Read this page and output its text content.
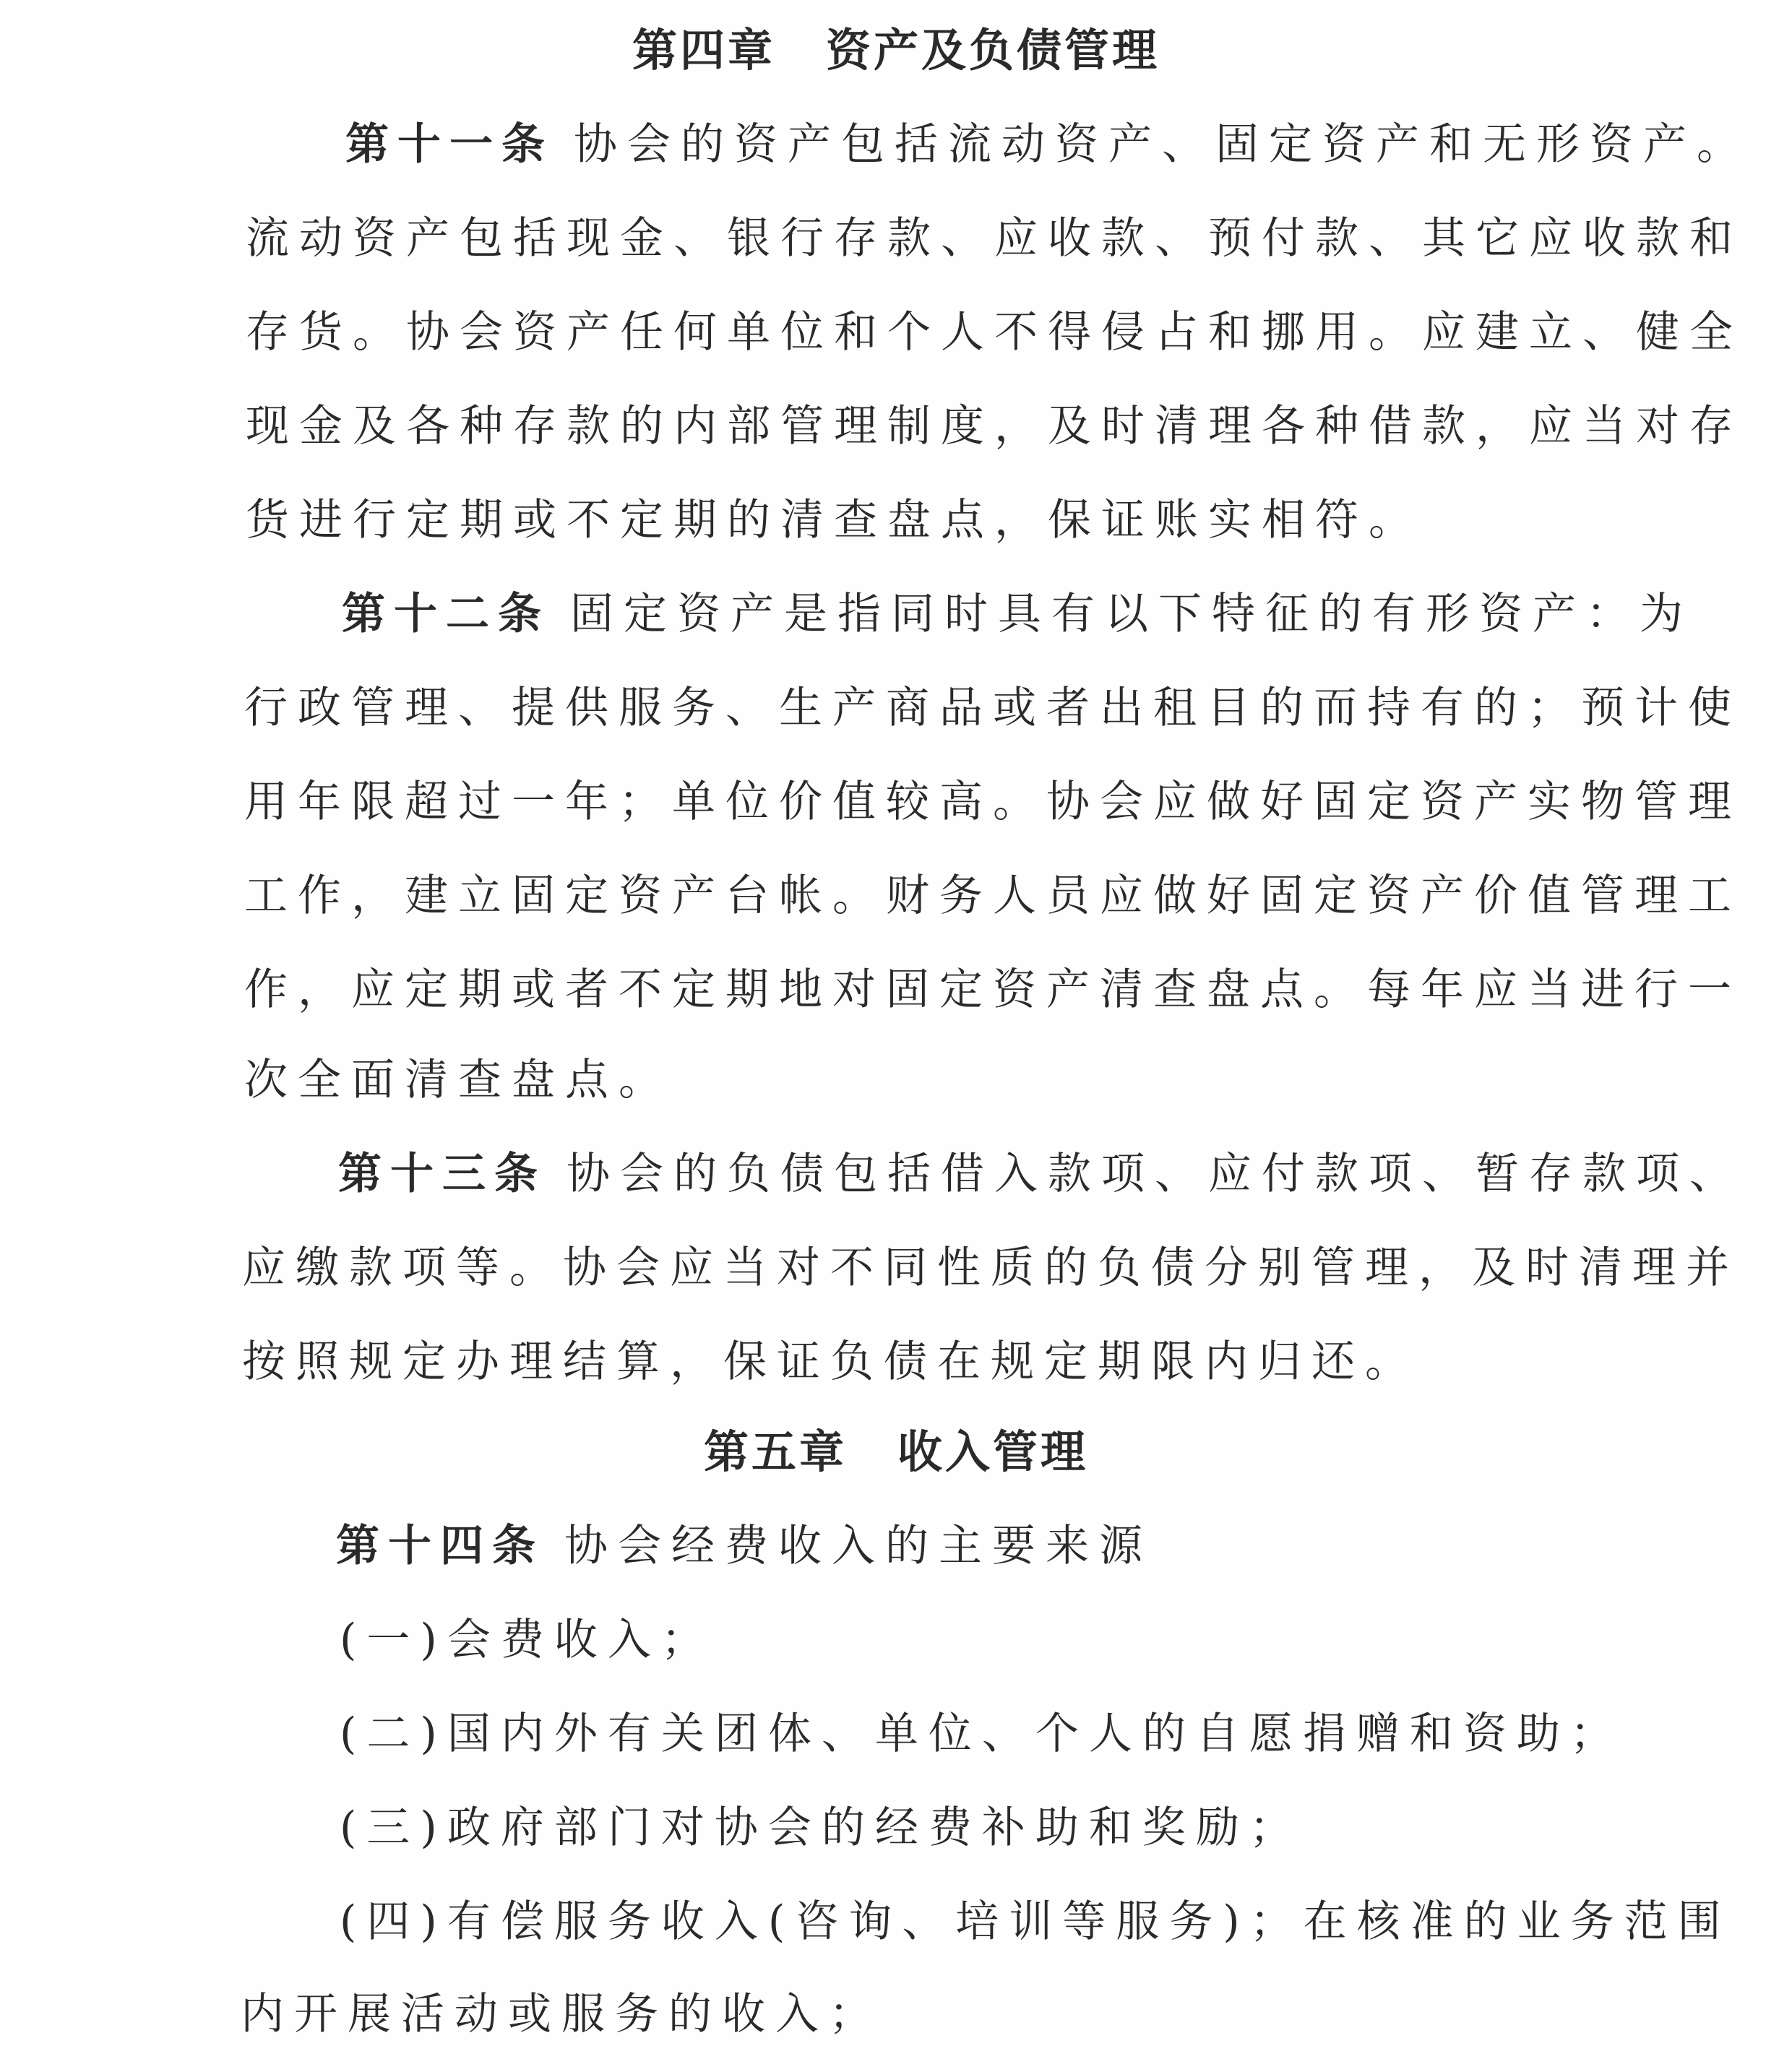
第四章 资产及负债管理
第十一条 协会的资产包括流动资产、固定资产和无形资产。
流动资产包括现金、银行存款、应收款、预付款、其它应收款和
存货。协会资产任何单位和个人不得侵占和挪用。应建立、健全
现金及各种存款的内部管理制度，及时清理各种借款，应当对存
货进行定期或不定期的清查盘点，保证账实相符。
第十二条 固定资产是指同时具有以下特征的有形资产：为
行政管理、提供服务、生产商品或者出租目的而持有的；预计使
用年限超过一年；单位价值较高。协会应做好固定资产实物管理
工作，建立固定资产台帐。财务人员应做好固定资产价值管理工
作，应定期或者不定期地对固定资产清查盘点。每年应当进行一
次全面清查盘点。
第十三条 协会的负债包括借入款项、应付款项、暂存款项、
应缴款项等。协会应当对不同性质的负债分别管理，及时清理并
按照规定办理结算，保证负债在规定期限内归还。
第五章 收入管理
第十四条 协会经费收入的主要来源
(一)会费收入；
(二)国内外有关团体、单位、个人的自愿捐赠和资助；
(三)政府部门对协会的经费补助和奖励；
(四)有偿服务收入(咨询、培训等服务)；在核准的业务范围
内开展活动或服务的收入；
